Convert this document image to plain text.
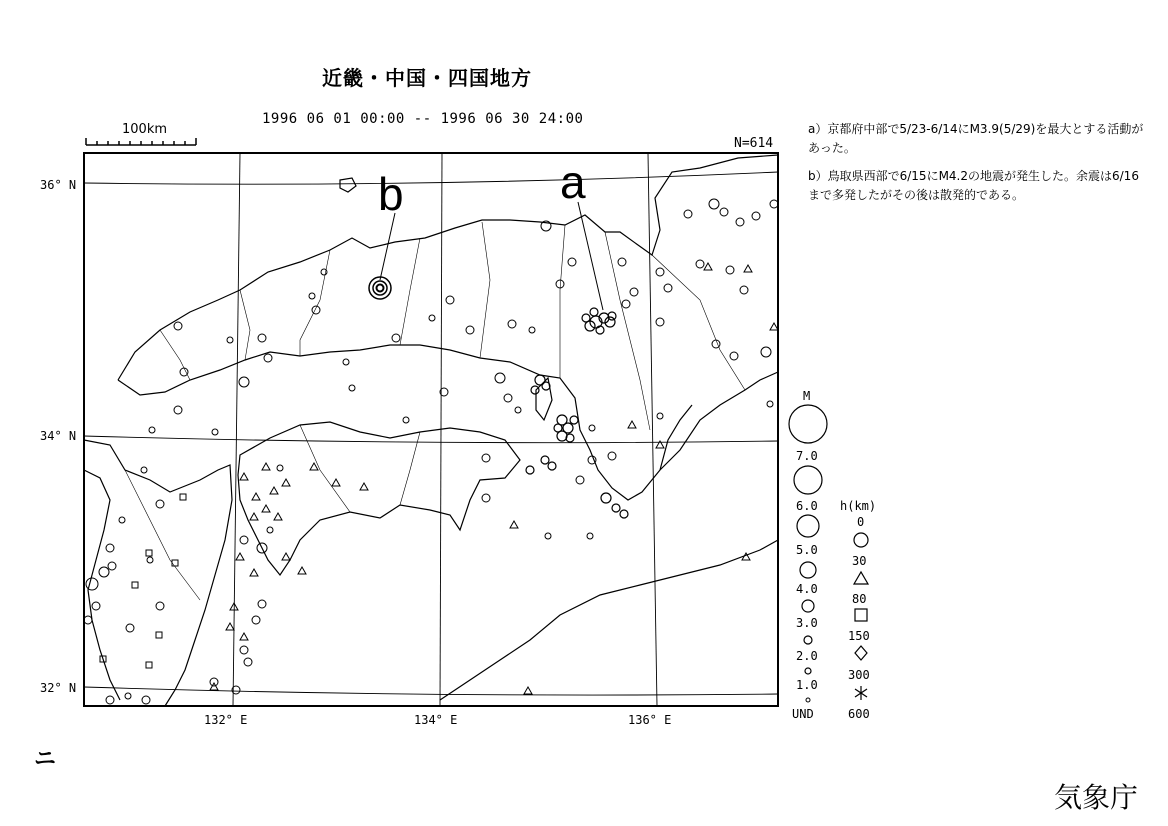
近畿・中国・四国地方
1996 06 01 00:00 -- 1996 06 30 24:00
N=614
100km	a）京都府中部で5/23-6/14にM3.9(5/29)を最大とする活動があった。
b）鳥取県西部で6/15にM4.2の地震が発生した。余震は6/16まで多発したがその後は散発的である。
b	a
36° N
34° N
32° N
132° E	134° E	136° E
M
7.0
6.0
5.0
4.0
3.0
2.0
1.0
UND
h(km)
0
30
80
150
300
600
ニ
気象庁
